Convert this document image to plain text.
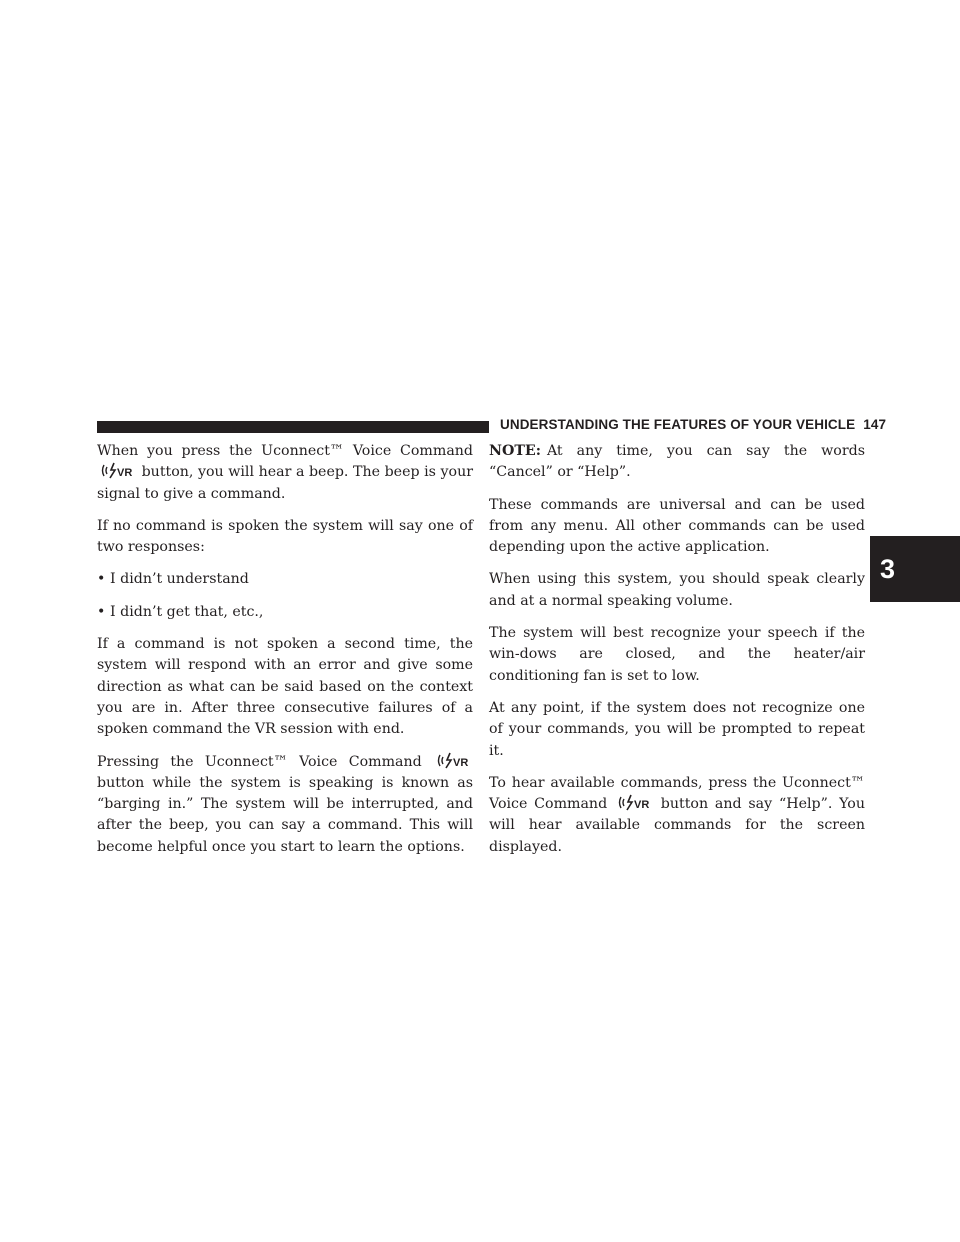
UNDERSTANDING THE FEATURES OF YOUR VEHICLE 147
3

When you press the Uconnect™ Voice Command
VR button, you will hear a beep. The beep is your signal to give a command.

If no command is spoken the system will say one of two responses:

• I didn’t understand

• I didn’t get that, etc.,

If a command is not spoken a second time, the system will respond with an error and give some direction as what can be said based on the context you are in. After three consecutive failures of a spoken command the VR session with end.

Pressing the Uconnect™ Voice Command	VR
button while the system is speaking is known as “barging in.” The system will be interrupted, and after the beep, you can say a command. This will become helpful once you start to learn the options.

NOTE: At any time, you can say the words “Cancel” or “Help”.

These commands are universal and can be used from any menu. All other commands can be used depending upon the active application.

When using this system, you should speak clearly and at a normal speaking volume.

The system will best recognize your speech if the win-dows are closed, and the heater/air conditioning fan is set to low.

At any point, if the system does not recognize one of your commands, you will be prompted to repeat it.

To hear available commands, press the Uconnect™ Voice Command VR button and say “Help”. You will hear available commands for the screen displayed.
